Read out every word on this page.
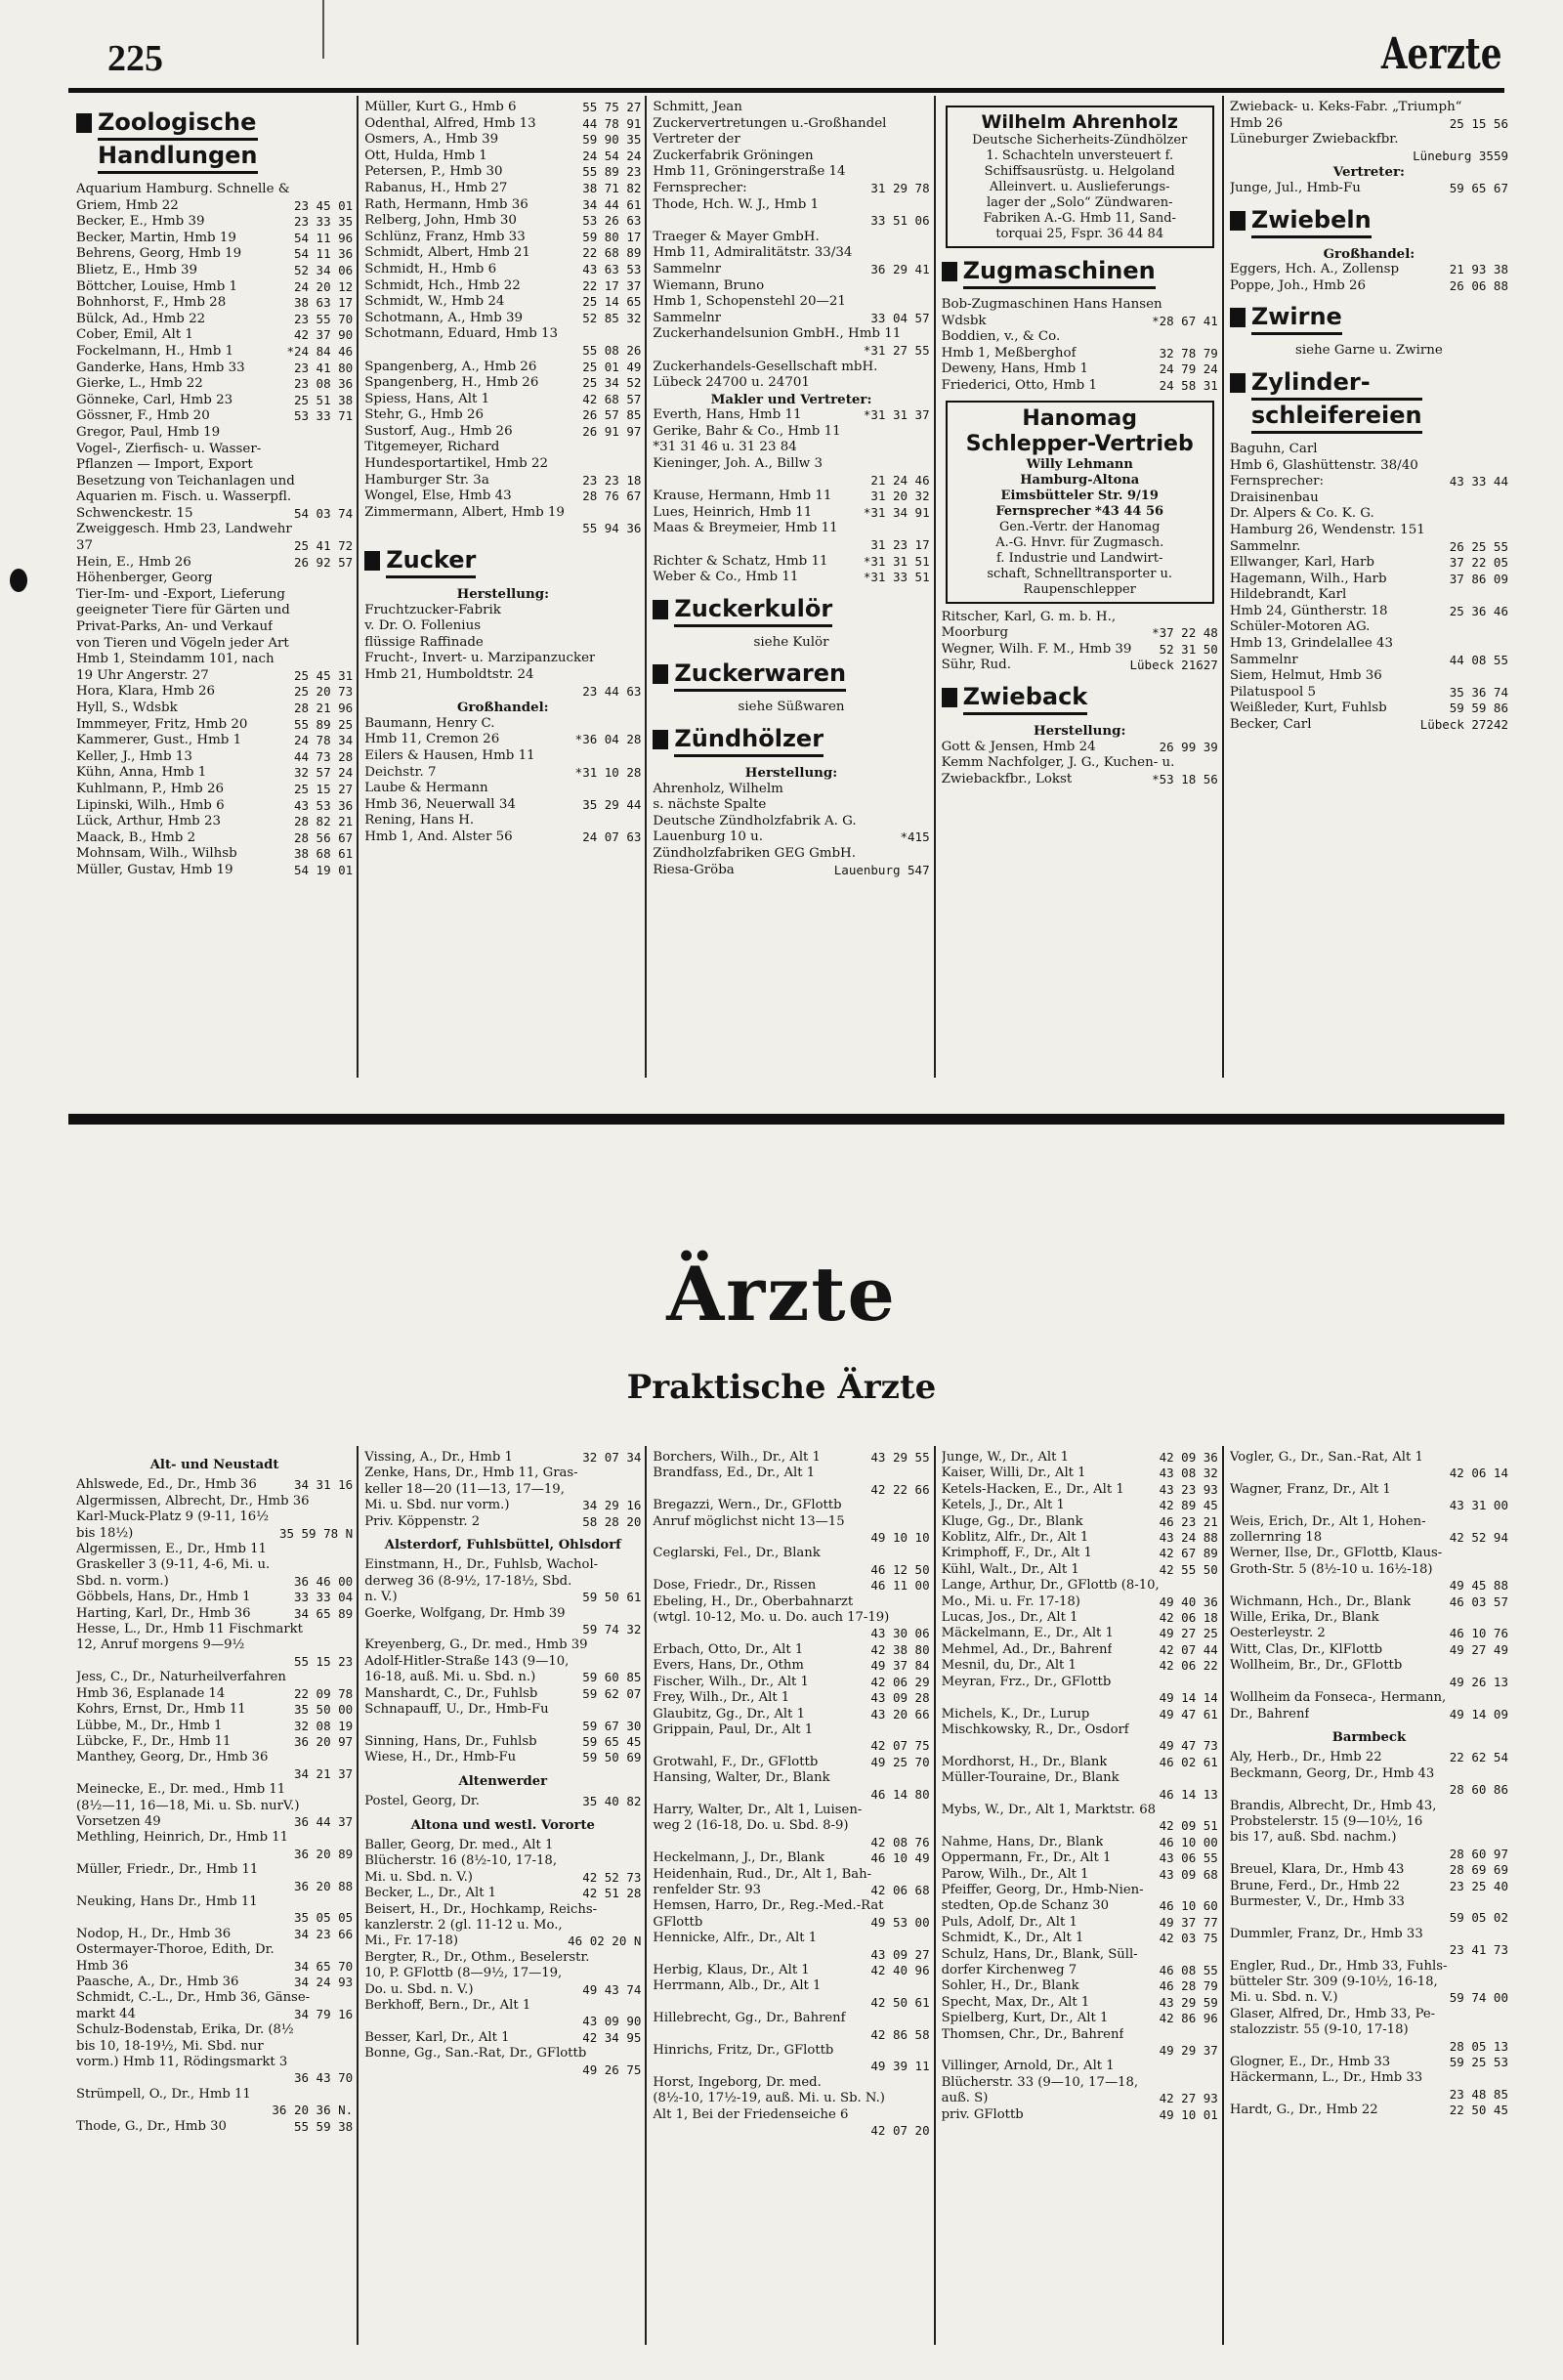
225	Aerzte
Zoologische
Handlungen
Aquarium Hamburg. Schnelle &
Griem, Hmb 22	23 45 01
Becker, E., Hmb 39	23 33 35
Becker, Martin, Hmb 19	54 11 96
Behrens, Georg, Hmb 19	54 11 36
Blietz, E., Hmb 39	52 34 06
Böttcher, Louise, Hmb 1	24 20 12
Bohnhorst, F., Hmb 28	38 63 17
Bülck, Ad., Hmb 22	23 55 70
Cober, Emil, Alt 1	42 37 90
Fockelmann, H., Hmb 1	*24 84 46
Ganderke, Hans, Hmb 33	23 41 80
Gierke, L., Hmb 22	23 08 36
Gönneke, Carl, Hmb 23	25 51 38
Gössner, F., Hmb 20	53 33 71
Gregor, Paul, Hmb 19
Vogel-, Zierfisch- u. Wasser-
Pflanzen — Import, Export
Besetzung von Teichanlagen und
Aquarien m. Fisch. u. Wasserpfl.
Schwenckestr. 15	54 03 74
Zweiggesch. Hmb 23, Landwehr
37	25 41 72
Hein, E., Hmb 26	26 92 57
Höhenberger, Georg
Tier-Im- und -Export, Lieferung
geeigneter Tiere für Gärten und
Privat-Parks, An- und Verkauf
von Tieren und Vögeln jeder Art
Hmb 1, Steindamm 101, nach
19 Uhr Angerstr. 27	25 45 31
Hora, Klara, Hmb 26	25 20 73
Hyll, S., Wdsbk	28 21 96
Immmeyer, Fritz, Hmb 20	55 89 25
Kammerer, Gust., Hmb 1	24 78 34
Keller, J., Hmb 13	44 73 28
Kühn, Anna, Hmb 1	32 57 24
Kuhlmann, P., Hmb 26	25 15 27
Lipinski, Wilh., Hmb 6	43 53 36
Lück, Arthur, Hmb 23	28 82 21
Maack, B., Hmb 2	28 56 67
Mohnsam, Wilh., Wilhsb	38 68 61
Müller, Gustav, Hmb 19	54 19 01
Müller, Kurt G., Hmb 6	55 75 27
Odenthal, Alfred, Hmb 13	44 78 91
Osmers, A., Hmb 39	59 90 35
Ott, Hulda, Hmb 1	24 54 24
Petersen, P., Hmb 30	55 89 23
Rabanus, H., Hmb 27	38 71 82
Rath, Hermann, Hmb 36	34 44 61
Relberg, John, Hmb 30	53 26 63
Schlünz, Franz, Hmb 33	59 80 17
Schmidt, Albert, Hmb 21	22 68 89
Schmidt, H., Hmb 6	43 63 53
Schmidt, Hch., Hmb 22	22 17 37
Schmidt, W., Hmb 24	25 14 65
Schotmann, A., Hmb 39	52 85 32
Schotmann, Eduard, Hmb 13
55 08 26
Spangenberg, A., Hmb 26	25 01 49
Spangenberg, H., Hmb 26	25 34 52
Spiess, Hans, Alt 1	42 68 57
Stehr, G., Hmb 26	26 57 85
Sustorf, Aug., Hmb 26	26 91 97
Titgemeyer, Richard
Hundesportartikel, Hmb 22
Hamburger Str. 3a	23 23 18
Wongel, Else, Hmb 43	28 76 67
Zimmermann, Albert, Hmb 19
55 94 36
Zucker
Herstellung:
Fruchtzucker-Fabrik
v. Dr. O. Follenius
flüssige Raffinade
Frucht-, Invert- u. Marzipanzucker
Hmb 21, Humboldtstr. 24
23 44 63
Großhandel:
Baumann, Henry C.
Hmb 11, Cremon 26	*36 04 28
Eilers & Hausen, Hmb 11
Deichstr. 7	*31 10 28
Laube & Hermann
Hmb 36, Neuerwall 34	35 29 44
Rening, Hans H.
Hmb 1, And. Alster 56	24 07 63
Schmitt, Jean
Zuckervertretungen u.-Großhandel
Vertreter der
Zuckerfabrik Gröningen
Hmb 11, Gröningerstraße 14
Fernsprecher:	31 29 78
Thode, Hch. W. J., Hmb 1
33 51 06
Traeger & Mayer GmbH.
Hmb 11, Admiralitätstr. 33/34
Sammelnr	36 29 41
Wiemann, Bruno
Hmb 1, Schopenstehl 20—21
Sammelnr	33 04 57
Zuckerhandelsunion GmbH., Hmb 11
*31 27 55
Zuckerhandels-Gesellschaft mbH.
Lübeck 24700 u. 24701
Makler und Vertreter:
Everth, Hans, Hmb 11	*31 31 37
Gerike, Bahr & Co., Hmb 11
*31 31 46 u. 31 23 84
Kieninger, Joh. A., Billw 3
21 24 46
Krause, Hermann, Hmb 11	31 20 32
Lues, Heinrich, Hmb 11	*31 34 91
Maas & Breymeier, Hmb 11
31 23 17
Richter & Schatz, Hmb 11	*31 31 51
Weber & Co., Hmb 11	*31 33 51
Zuckerkulör
siehe Kulör
Zuckerwaren
siehe Süßwaren
Zündhölzer
Herstellung:
Ahrenholz, Wilhelm
s. nächste Spalte
Deutsche Zündholzfabrik A. G.
Lauenburg 10 u.	*415
Zündholzfabriken GEG GmbH.
Riesa-Gröba	Lauenburg 547
Wilhelm Ahrenholz
Deutsche Sicherheits-Zündhölzer
1. Schachteln unversteuert f.
Schiffsausrüstg. u. Helgoland
Alleinvert. u. Auslieferungs-
lager der „Solo“ Zündwaren-
Fabriken A.-G. Hmb 11, Sand-
torquai 25, Fspr. 36 44 84
Zugmaschinen
Bob-Zugmaschinen Hans Hansen
Wdsbk	*28 67 41
Boddien, v., & Co.
Hmb 1, Meßberghof	32 78 79
Deweny, Hans, Hmb 1	24 79 24
Friederici, Otto, Hmb 1	24 58 31
Hanomag
Schlepper-Vertrieb
Willy Lehmann
Hamburg-Altona
Eimsbütteler Str. 9/19
Fernsprecher *43 44 56
Gen.-Vertr. der Hanomag
A.-G. Hnvr. für Zugmasch.
f. Industrie und Landwirt-
schaft, Schnelltransporter u.
Raupenschlepper
Ritscher, Karl, G. m. b. H.,
Moorburg	*37 22 48
Wegner, Wilh. F. M., Hmb 39	52 31 50
Sühr, Rud.	Lübeck 21627
Zwieback
Herstellung:
Gott & Jensen, Hmb 24	26 99 39
Kemm Nachfolger, J. G., Kuchen- u.
Zwiebackfbr., Lokst	*53 18 56
Zwieback- u. Keks-Fabr. „Triumph“
Hmb 26	25 15 56
Lüneburger Zwiebackfbr.
Lüneburg 3559
Vertreter:
Junge, Jul., Hmb-Fu	59 65 67
Zwiebeln
Großhandel:
Eggers, Hch. A., Zollensp	21 93 38
Poppe, Joh., Hmb 26	26 06 88
Zwirne
siehe Garne u. Zwirne
Zylinder-
schleifereien
Baguhn, Carl
Hmb 6, Glashüttenstr. 38/40
Fernsprecher:	43 33 44
Draisinenbau
Dr. Alpers & Co. K. G.
Hamburg 26, Wendenstr. 151
Sammelnr.	26 25 55
Ellwanger, Karl, Harb	37 22 05
Hagemann, Wilh., Harb	37 86 09
Hildebrandt, Karl
Hmb 24, Güntherstr. 18	25 36 46
Schüler-Motoren AG.
Hmb 13, Grindelallee 43
Sammelnr	44 08 55
Siem, Helmut, Hmb 36
Pilatuspool 5	35 36 74
Weißleder, Kurt, Fuhlsb	59 59 86
Becker, Carl	Lübeck 27242
Ärzte
Praktische Ärzte
Alt- und Neustadt
Ahlswede, Ed., Dr., Hmb 36	34 31 16
Algermissen, Albrecht, Dr., Hmb 36
Karl-Muck-Platz 9 (9-11, 16½
bis 18½)	35 59 78 N
Algermissen, E., Dr., Hmb 11
Graskeller 3 (9-11, 4-6, Mi. u.
Sbd. n. vorm.)	36 46 00
Göbbels, Hans, Dr., Hmb 1	33 33 04
Harting, Karl, Dr., Hmb 36	34 65 89
Hesse, L., Dr., Hmb 11 Fischmarkt
12, Anruf morgens 9—9½
55 15 23
Jess, C., Dr., Naturheilverfahren
Hmb 36, Esplanade 14	22 09 78
Kohrs, Ernst, Dr., Hmb 11	35 50 00
Lübbe, M., Dr., Hmb 1	32 08 19
Lübcke, F., Dr., Hmb 11	36 20 97
Manthey, Georg, Dr., Hmb 36
34 21 37
Meinecke, E., Dr. med., Hmb 11
(8½—11, 16—18, Mi. u. Sb. nurV.)
Vorsetzen 49	36 44 37
Methling, Heinrich, Dr., Hmb 11
36 20 89
Müller, Friedr., Dr., Hmb 11
36 20 88
Neuking, Hans Dr., Hmb 11
35 05 05
Nodop, H., Dr., Hmb 36	34 23 66
Ostermayer-Thoroe, Edith, Dr.
Hmb 36	34 65 70
Paasche, A., Dr., Hmb 36	34 24 93
Schmidt, C.-L., Dr., Hmb 36, Gänse-
markt 44	34 79 16
Schulz-Bodenstab, Erika, Dr. (8½
bis 10, 18-19½, Mi. Sbd. nur
vorm.) Hmb 11, Rödingsmarkt 3
36 43 70
Strümpell, O., Dr., Hmb 11
36 20 36 N.
Thode, G., Dr., Hmb 30	55 59 38
Vissing, A., Dr., Hmb 1	32 07 34
Zenke, Hans, Dr., Hmb 11, Gras-
keller 18—20 (11—13, 17—19,
Mi. u. Sbd. nur vorm.)	34 29 16
Priv. Köppenstr. 2	58 28 20
Alsterdorf, Fuhlsbüttel, Ohlsdorf
Einstmann, H., Dr., Fuhlsb, Wachol-
derweg 36 (8-9½, 17-18½, Sbd.
n. V.)	59 50 61
Goerke, Wolfgang, Dr. Hmb 39
59 74 32
Kreyenberg, G., Dr. med., Hmb 39
Adolf-Hitler-Straße 143 (9—10,
16-18, auß. Mi. u. Sbd. n.)	59 60 85
Manshardt, C., Dr., Fuhlsb	59 62 07
Schnapauff, U., Dr., Hmb-Fu
59 67 30
Sinning, Hans, Dr., Fuhlsb	59 65 45
Wiese, H., Dr., Hmb-Fu	59 50 69
Altenwerder
Postel, Georg, Dr.	35 40 82
Altona und westl. Vororte
Baller, Georg, Dr. med., Alt 1
Blücherstr. 16 (8½-10, 17-18,
Mi. u. Sbd. n. V.)	42 52 73
Becker, L., Dr., Alt 1	42 51 28
Beisert, H., Dr., Hochkamp, Reichs-
kanzlerstr. 2 (gl. 11-12 u. Mo.,
Mi., Fr. 17-18)	46 02 20 N
Bergter, R., Dr., Othm., Beselerstr.
10, P. GFlottb (8—9½, 17—19,
Do. u. Sbd. n. V.)	49 43 74
Berkhoff, Bern., Dr., Alt 1
43 09 90
Besser, Karl, Dr., Alt 1	42 34 95
Bonne, Gg., San.-Rat, Dr., GFlottb
49 26 75
Borchers, Wilh., Dr., Alt 1	43 29 55
Brandfass, Ed., Dr., Alt 1
42 22 66
Bregazzi, Wern., Dr., GFlottb
Anruf möglichst nicht 13—15
49 10 10
Ceglarski, Fel., Dr., Blank
46 12 50
Dose, Friedr., Dr., Rissen	46 11 00
Ebeling, H., Dr., Oberbahnarzt
(wtgl. 10-12, Mo. u. Do. auch 17-19)
43 30 06
Erbach, Otto, Dr., Alt 1	42 38 80
Evers, Hans, Dr., Othm	49 37 84
Fischer, Wilh., Dr., Alt 1	42 06 29
Frey, Wilh., Dr., Alt 1	43 09 28
Glaubitz, Gg., Dr., Alt 1	43 20 66
Grippain, Paul, Dr., Alt 1
42 07 75
Grotwahl, F., Dr., GFlottb	49 25 70
Hansing, Walter, Dr., Blank
46 14 80
Harry, Walter, Dr., Alt 1, Luisen-
weg 2 (16-18, Do. u. Sbd. 8-9)
42 08 76
Heckelmann, J., Dr., Blank	46 10 49
Heidenhain, Rud., Dr., Alt 1, Bah-
renfelder Str. 93	42 06 68
Hemsen, Harro, Dr., Reg.-Med.-Rat
GFlottb	49 53 00
Hennicke, Alfr., Dr., Alt 1
43 09 27
Herbig, Klaus, Dr., Alt 1	42 40 96
Herrmann, Alb., Dr., Alt 1
42 50 61
Hillebrecht, Gg., Dr., Bahrenf
42 86 58
Hinrichs, Fritz, Dr., GFlottb
49 39 11
Horst, Ingeborg, Dr. med.
(8½-10, 17½-19, auß. Mi. u. Sb. N.)
Alt 1, Bei der Friedenseiche 6
42 07 20
Junge, W., Dr., Alt 1	42 09 36
Kaiser, Willi, Dr., Alt 1	43 08 32
Ketels-Hacken, E., Dr., Alt 1	43 23 93
Ketels, J., Dr., Alt 1	42 89 45
Kluge, Gg., Dr., Blank	46 23 21
Koblitz, Alfr., Dr., Alt 1	43 24 88
Krimphoff, F., Dr., Alt 1	42 67 89
Kühl, Walt., Dr., Alt 1	42 55 50
Lange, Arthur, Dr., GFlottb (8-10,
Mo., Mi. u. Fr. 17-18)	49 40 36
Lucas, Jos., Dr., Alt 1	42 06 18
Mäckelmann, E., Dr., Alt 1	49 27 25
Mehmel, Ad., Dr., Bahrenf	42 07 44
Mesnil, du, Dr., Alt 1	42 06 22
Meyran, Frz., Dr., GFlottb
49 14 14
Michels, K., Dr., Lurup	49 47 61
Mischkowsky, R., Dr., Osdorf
49 47 73
Mordhorst, H., Dr., Blank	46 02 61
Müller-Touraine, Dr., Blank
46 14 13
Mybs, W., Dr., Alt 1, Marktstr. 68
42 09 51
Nahme, Hans, Dr., Blank	46 10 00
Oppermann, Fr., Dr., Alt 1	43 06 55
Parow, Wilh., Dr., Alt 1	43 09 68
Pfeiffer, Georg, Dr., Hmb-Nien-
stedten, Op.de Schanz 30	46 10 60
Puls, Adolf, Dr., Alt 1	49 37 77
Schmidt, K., Dr., Alt 1	42 03 75
Schulz, Hans, Dr., Blank, Süll-
dorfer Kirchenweg 7	46 08 55
Sohler, H., Dr., Blank	46 28 79
Specht, Max, Dr., Alt 1	43 29 59
Spielberg, Kurt, Dr., Alt 1	42 86 96
Thomsen, Chr., Dr., Bahrenf
49 29 37
Villinger, Arnold, Dr., Alt 1
Blücherstr. 33 (9—10, 17—18,
auß. S)	42 27 93
priv. GFlottb	49 10 01
Vogler, G., Dr., San.-Rat, Alt 1
42 06 14
Wagner, Franz, Dr., Alt 1
43 31 00
Weis, Erich, Dr., Alt 1, Hohen-
zollernring 18	42 52 94
Werner, Ilse, Dr., GFlottb, Klaus-
Groth-Str. 5 (8½-10 u. 16½-18)
49 45 88
Wichmann, Hch., Dr., Blank	46 03 57
Wille, Erika, Dr., Blank
Oesterleystr. 2	46 10 76
Witt, Clas, Dr., KlFlottb	49 27 49
Wollheim, Br., Dr., GFlottb
49 26 13
Wollheim da Fonseca-, Hermann,
Dr., Bahrenf	49 14 09
Barmbeck
Aly, Herb., Dr., Hmb 22	22 62 54
Beckmann, Georg, Dr., Hmb 43
28 60 86
Brandis, Albrecht, Dr., Hmb 43,
Probstelerstr. 15 (9—10½, 16
bis 17, auß. Sbd. nachm.)
28 60 97
Breuel, Klara, Dr., Hmb 43	28 69 69
Brune, Ferd., Dr., Hmb 22	23 25 40
Burmester, V., Dr., Hmb 33
59 05 02
Dummler, Franz, Dr., Hmb 33
23 41 73
Engler, Rud., Dr., Hmb 33, Fuhls-
bütteler Str. 309 (9-10½, 16-18,
Mi. u. Sbd. n. V.)	59 74 00
Glaser, Alfred, Dr., Hmb 33, Pe-
stalozzistr. 55 (9-10, 17-18)
28 05 13
Glogner, E., Dr., Hmb 33	59 25 53
Häckermann, L., Dr., Hmb 33
23 48 85
Hardt, G., Dr., Hmb 22	22 50 45
